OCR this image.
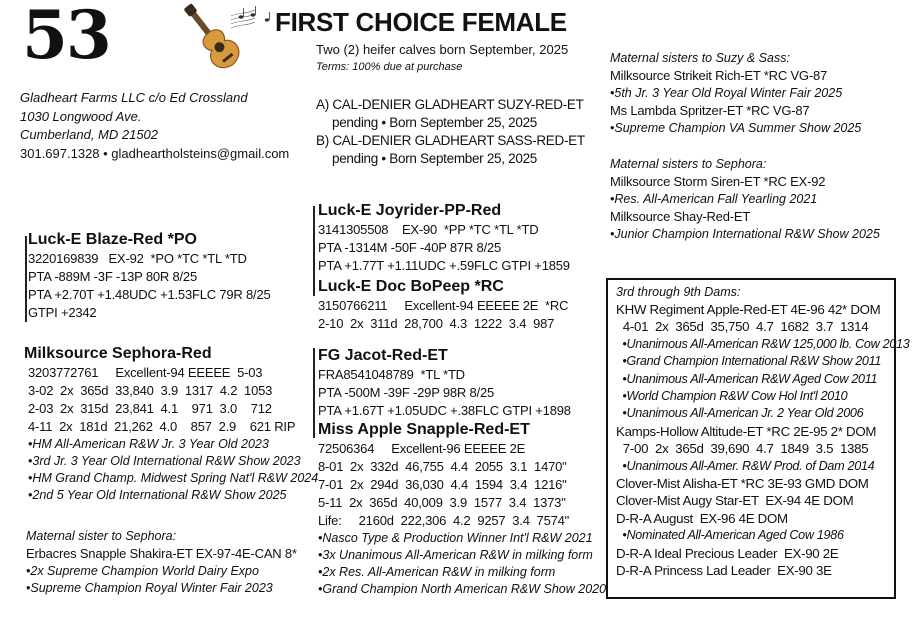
53	FIRST CHOICE FEMALE
Two (2) heifer calves born September, 2025
Terms: 100% due at purchase
Gladheart Farms LLC c/o Ed Crossland
1030 Longwood Ave.
Cumberland, MD 21502
301.697.1328 • gladheartholsteins@gmail.com
A) CAL-DENIER GLADHEART SUZY-RED-ET
pending • Born September 25, 2025
B) CAL-DENIER GLADHEART SASS-RED-ET
pending • Born September 25, 2025
Luck-E Blaze-Red *PO
3220169839   EX-92  *PO *TC *TL *TD
PTA -889M -3F -13P 80R 8/25
PTA +2.70T +1.48UDC +1.53FLC 79R 8/25
GTPI +2342
Milksource Sephora-Red
3203772761     Excellent-94 EEEEE  5-03
3-02  2x  365d  33,840  3.9  1317  4.2  1053
2-03  2x  315d  23,841  4.1    971  3.0    712
4-11  2x  181d  21,262  4.0    857  2.9    621 RIP
•HM All-American R&W Jr. 3 Year Old 2023
•3rd Jr. 3 Year Old International R&W Show 2023
•HM Grand Champ. Midwest Spring Nat'l R&W 2024
•2nd 5 Year Old International R&W Show 2025
Maternal sister to Sephora:
Erbacres Snapple Shakira-ET EX-97-4E-CAN 8*
•2x Supreme Champion World Dairy Expo
•Supreme Champion Royal Winter Fair 2023
Luck-E Joyrider-PP-Red
3141305508    EX-90  *PP *TC *TL *TD
PTA -1314M -50F -40P 87R 8/25
PTA +1.77T +1.11UDC +.59FLC GTPI +1859
Luck-E Doc BoPeep *RC
3150766211     Excellent-94 EEEEE 2E  *RC
2-10  2x  311d  28,700  4.3  1222  3.4  987
FG Jacot-Red-ET
FRA8541048789  *TL *TD
PTA -500M -39F -29P 98R 8/25
PTA +1.67T +1.05UDC +.38FLC GTPI +1898
Miss Apple Snapple-Red-ET
72506364     Excellent-96 EEEEE 2E
8-01  2x  332d  46,755  4.4  2055  3.1  1470"
7-01  2x  294d  36,030  4.4  1594  3.4  1216"
5-11  2x  365d  40,009  3.9  1577  3.4  1373"
Life:     2160d  222,306  4.2  9257  3.4  7574"
•Nasco Type & Production Winner Int'l R&W 2021
•3x Unanimous All-American R&W in milking form
•2x Res. All-American R&W in milking form
•Grand Champion North American R&W Show 2020
Maternal sisters to Suzy & Sass:
Milksource Strikeit Rich-ET *RC VG-87
•5th Jr. 3 Year Old Royal Winter Fair 2025
Ms Lambda Spritzer-ET *RC VG-87
•Supreme Champion VA Summer Show 2025
Maternal sisters to Sephora:
Milksource Storm Siren-ET *RC EX-92
•Res. All-American Fall Yearling 2021
Milksource Shay-Red-ET
•Junior Champion International R&W Show 2025
3rd through 9th Dams:
KHW Regiment Apple-Red-ET 4E-96 42* DOM
4-01  2x  365d  35,750  4.7  1682  3.7  1314
•Unanimous All-American R&W 125,000 lb. Cow 2013
•Grand Champion International R&W Show 2011
•Unanimous All-American R&W Aged Cow 2011
•World Champion R&W Cow Hol Int'l 2010
•Unanimous All-American Jr. 2 Year Old 2006
Kamps-Hollow Altitude-ET *RC 2E-95 2* DOM
7-00  2x  365d  39,690  4.7  1849  3.5  1385
•Unanimous All-Amer. R&W Prod. of Dam 2014
Clover-Mist Alisha-ET *RC 3E-93 GMD DOM
Clover-Mist Augy Star-ET  EX-94 4E DOM
D-R-A August  EX-96 4E DOM
•Nominated All-American Aged Cow 1986
D-R-A Ideal Precious Leader  EX-90 2E
D-R-A Princess Lad Leader  EX-90 3E
